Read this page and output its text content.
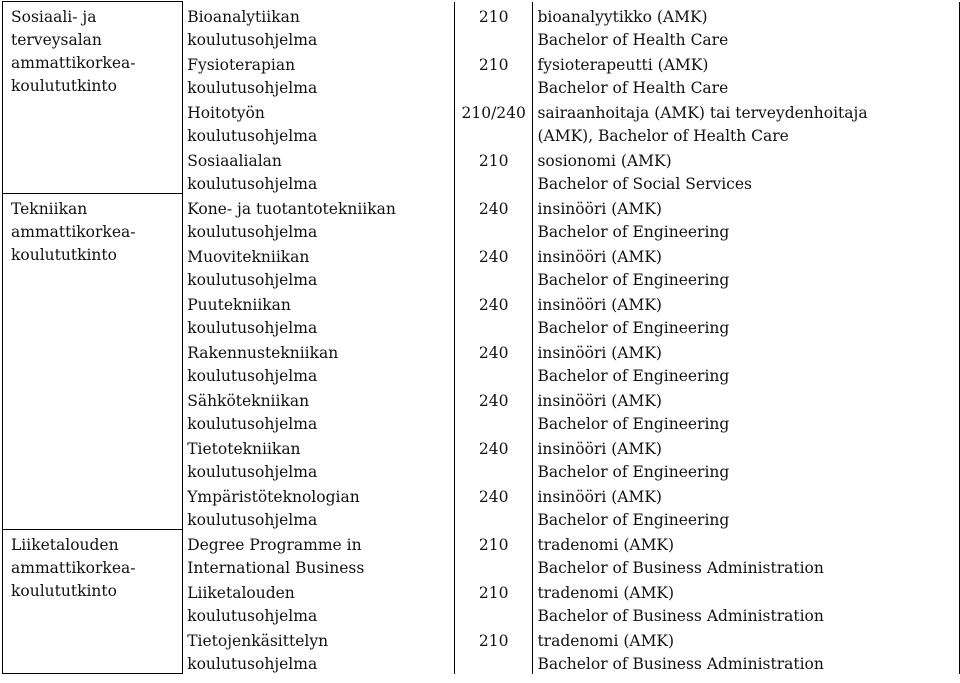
Sosiaali- ja
terveysalan
ammattikorkea-
koulututkinto	Bioanalytiikan
koulutusohjelma	210	bioanalyytikko (AMK)
Bachelor of Health Care

	Fysioterapian
koulutusohjelma	210	fysioterapeutti (AMK)
Bachelor of Health Care

	Hoitotyön
koulutusohjelma	210/240	sairaanhoitaja (AMK) tai terveydenhoitaja
(AMK), Bachelor of Health Care

	Sosiaalialan
koulutusohjelma	210	sosionomi (AMK)
Bachelor of Social Services

Tekniikan
ammattikorkea-
koulututkinto	Kone- ja tuotantotekniikan
koulutusohjelma	240	insinööri (AMK)
Bachelor of Engineering

	Muovitekniikan
koulutusohjelma	240	insinööri (AMK)
Bachelor of Engineering

	Puutekniikan
koulutusohjelma	240	insinööri (AMK)
Bachelor of Engineering

	Rakennustekniikan
koulutusohjelma	240	insinööri (AMK)
Bachelor of Engineering

	Sähkötekniikan
koulutusohjelma	240	insinööri (AMK)
Bachelor of Engineering

	Tietotekniikan
koulutusohjelma	240	insinööri (AMK)
Bachelor of Engineering

	Ympäristöteknologian
koulutusohjelma	240	insinööri (AMK)
Bachelor of Engineering

Liiketalouden
ammattikorkea-
koulututkinto	Degree Programme in
International Business	210	tradenomi (AMK)
Bachelor of Business Administration

	Liiketalouden
koulutusohjelma	210	tradenomi (AMK)
Bachelor of Business Administration

	Tietojenkäsittelyn
koulutusohjelma	210	tradenomi (AMK)
Bachelor of Business Administration
